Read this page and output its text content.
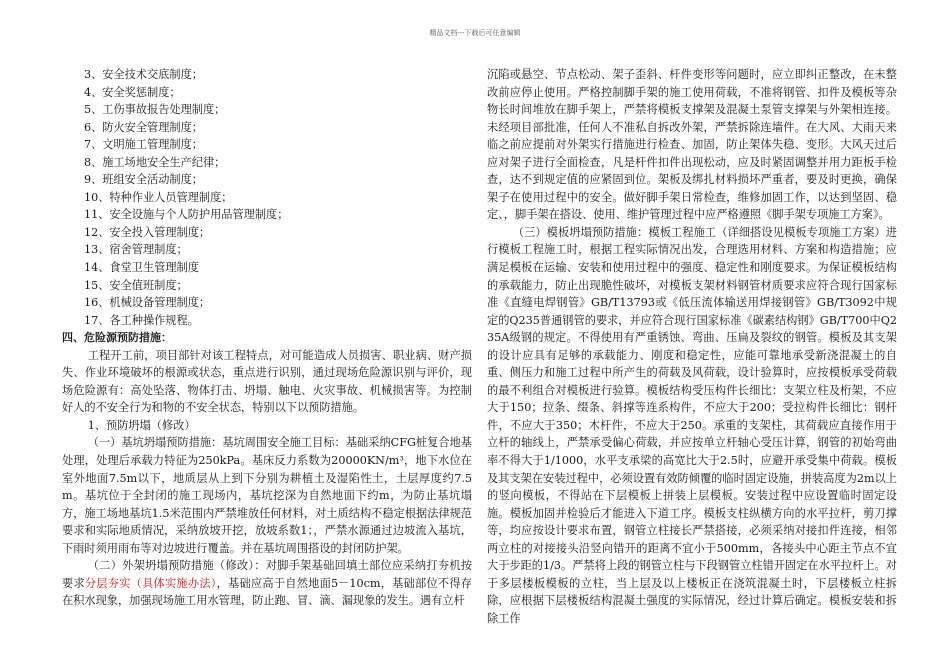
精品文档---下载后可任意编辑
3、安全技术交底制度；
4、安全奖惩制度；
5、工伤事故报告处理制度；
6、防火安全管理制度；
7、文明施工管理制度；
8、施工场地安全生产纪律；
9、班组安全活动制度；
10、特种作业人员管理制度；
11、安全设施与个人防护用品管理制度；
12、安全投入管理制度；
13、宿舍管理制度；
14、食堂卫生管理制度
15、安全值班制度；
16、机械设备管理制度；
17、各工种操作规程。
四、危险源预防措施：
工程开工前，项目部针对该工程特点，对可能造成人员损害、职业病、财产损失、作业环境破坏的根源或状态，重点进行识别，通过现场危险源识别与评价，现场危险源有：高处坠落、物体打击、坍塌、触电、火灾事故、机械损害等。为控制好人的不安全行为和物的不安全状态，特别以下以预防措施。
1、预防坍塌（修改）
（一）基坑坍塌预防措施：基坑周围安全施工目标：基础采纳CFG桩复合地基处理，处理后承载力特征为250kPa。基床反力系数为20000KN/m³，地下水位在室外地面7.5m以下，地质层从上到下分别为耕植土及湿陷性土，土层厚度约7.5m。基坑位于全封闭的施工现场内，基坑挖深为自然地面下约m，为防止基坑塌方，施工场地基坑1.5米范围内严禁堆放任何材料，对土质结构不稳定根据法律规范要求和实际地质情况，采纳放坡开挖，放坡系数1；，严禁水源通过边坡流入基坑，下雨时须用雨布等对边坡进行覆盖。并在基坑周围搭设的封闭防护架。
（二）外架坍塌预防措施（修改）：对脚手架基础回填土部位应采纳打夯机按要求分层夯实（具体实施办法），基础应高于自然地面5－10cm，基础部位不得存在积水现象，加强现场施工用水管理，防止跑、冒、滴、漏现象的发生。遇有立杆
沉陷或悬空、节点松动、架子歪斜、杆件变形等问题时，应立即纠正整改，在未整改前应停止使用。严格控制脚手架的施工使用荷载，不准将钢管、扣件及模板等杂物长时间堆放在脚手架上，严禁将模板支撑架及混凝土泵管支撑架与外架相连接。未经项目部批准，任何人不准私自拆改外架，严禁拆除连墙件。在大风、大雨天来临之前应提前对外架实行措施进行检查、加固，防止架体失稳、变形。大风天过后应对架子进行全面检查，凡是杆件扣件出现松动，应及时紧固调整并用力距板手检查，达不到规定值的应紧固到位。架板及绑扎材料损坏严重者，要及时更换，确保架子在使用过程中的安全。做好脚手架日常检查，维修加固工作，以达到坚固、稳定、，脚手架在搭设、使用、维护管理过程中应严格遵照《脚手架专项施工方案》。
（三）模板坍塌预防措施：模板工程施工（详细搭设见模板专项施工方案）进行模板工程施工时，根据工程实际情况出发，合理选用材料、方案和构造措施；应满足模板在运输、安装和使用过程中的强度、稳定性和刚度要求。为保证模板结构的承载能力，防止出现脆性破坏，对模板支架材料钢管材质要求应符合现行国家标准《直缝电焊钢管》GB/T13793或《低压流体输送用焊接钢管》GB/T3092中规定的Q235普通钢管的要求，并应符合现行国家标准《碳素结构钢》GB/T700中Q235A级钢的规定。不得使用有严重锈蚀、弯曲、压扁及裂纹的钢管。模板及其支架的设计应具有足够的承载能力、刚度和稳定性，应能可靠地承受新浇混凝土的自重、侧压力和施工过程中所产生的荷载及风荷载，设计验算时，应按模板承受荷载的最不利组合对模板进行验算。模板结构受压构件长细比：支架立柱及桁架，不应大于150；拉条、缀条、斜撑等连系构件，不应大于200；受拉构件长细比：钢杆件，不应大于350；木杆件，不应大于250。承重的支架柱，其荷载应直接作用于立杆的轴线上，严禁承受偏心荷载，并应按单立杆轴心受压计算，钢管的初始弯曲率不得大于1/1000，水平支承梁的高宽比大于2.5时，应避开承受集中荷载。模板及其支架在安装过程中，必须设置有效防倾覆的临时固定设施，拼装高度为2m以上的竖向模板，不得站在下层模板上拼装上层模板。安装过程中应设置临时固定设施。模板加固并检验后才能进入下道工序。模板支柱纵横方向的水平拉杆，剪刀撑等，均应按设计要求布置，钢管立柱接长严禁搭接，必须采纳对接扣件连接，相邻两立柱的对接接头沿竖向错开的距离不宜小于500mm，各接头中心距主节点不宜大于步距的1/3。严禁将上段的钢管立柱与下段钢管立柱错开固定在水平拉杆上。对于多层楼板模板的立柱，当上层及以上楼板正在浇筑混凝土时，下层楼板立柱拆除，应根据下层楼板结构混凝土强度的实际情况，经过计算后确定。模板安装和拆除工作
